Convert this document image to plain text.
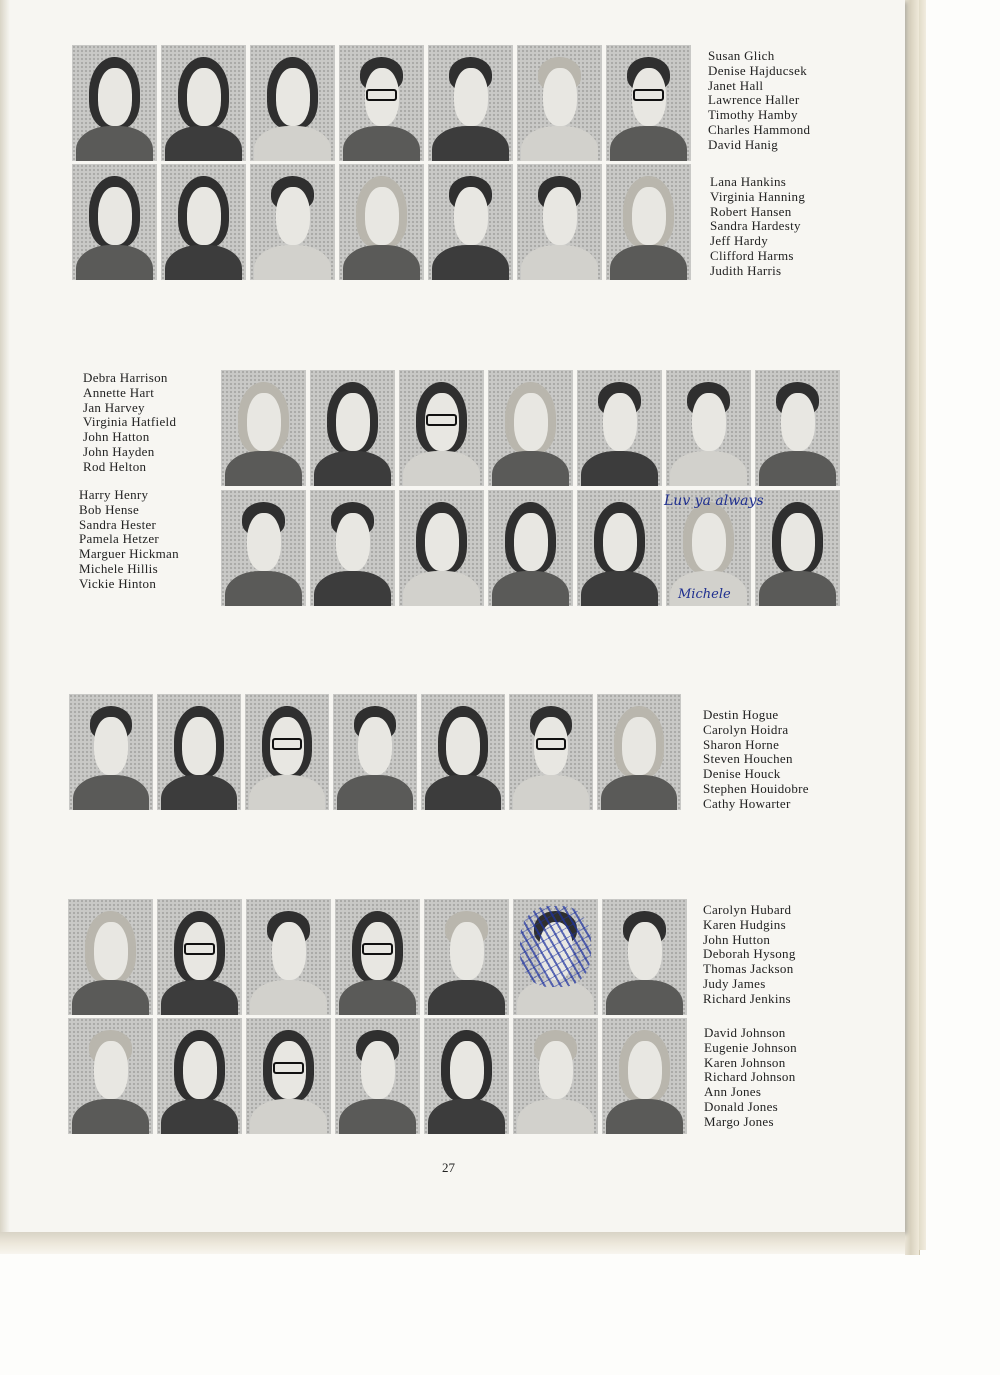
Susan Glich
Denise Hajducsek
Janet Hall
Lawrence Haller
Timothy Hamby
Charles Hammond
David Hanig
Lana Hankins
Virginia Hanning
Robert Hansen
Sandra Hardesty
Jeff Hardy
Clifford Harms
Judith Harris
Debra Harrison
Annette Hart
Jan Harvey
Virginia Hatfield
John Hatton
John Hayden
Rod Helton
Harry Henry
Bob Hense
Sandra Hester
Pamela Hetzer
Marguer Hickman
Michele Hillis
Vickie Hinton
Luv ya always
Michele
Destin Hogue
Carolyn Hoidra
Sharon Horne
Steven Houchen
Denise Houck
Stephen Houidobre
Cathy Howarter
Carolyn Hubard
Karen Hudgins
John Hutton
Deborah Hysong
Thomas Jackson
Judy James
Richard Jenkins
David Johnson
Eugenie Johnson
Karen Johnson
Richard Johnson
Ann Jones
Donald Jones
Margo Jones
27
